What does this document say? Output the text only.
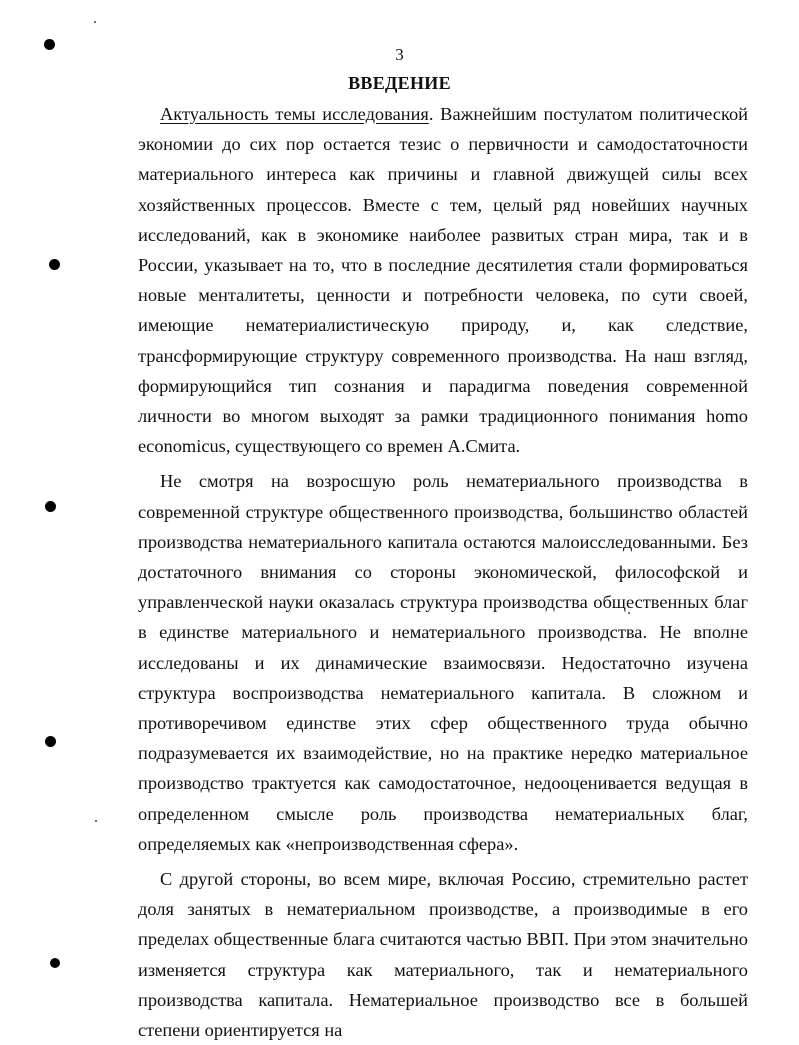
3
ВВЕДЕНИЕ

Актуальность темы исследования. Важнейшим постулатом политической экономии до сих пор остается тезис о первичности и самодостаточности материального интереса как причины и главной движущей силы всех хозяйственных процессов. Вместе с тем, целый ряд новейших научных исследований, как в экономике наиболее развитых стран мира, так и в России, указывает на то, что в последние десятилетия стали формироваться новые менталитеты, ценности и потребности человека, по сути своей, имеющие нематериалистическую природу, и, как следствие, трансформирующие структуру современного производства. На наш взгляд, формирующийся тип сознания и парадигма поведения современной личности во многом выходят за рамки традиционного понимания homo economicus, существующего со времен А.Смита.

Не смотря на возросшую роль нематериального производства в современной структуре общественного производства, большинство областей производства нематериального капитала остаются малоисследованными. Без достаточного внимания со стороны экономической, философской и управленческой науки оказалась структура производства общественных благ в единстве материального и нематериального производства. Не вполне исследованы и их динамические взаимосвязи. Недостаточно изучена структура воспроизводства нематериального капитала. В сложном и противоречивом единстве этих сфер общественного труда обычно подразумевается их взаимодействие, но на практике нередко материальное производство трактуется как самодостаточное, недооценивается ведущая в определенном смысле роль производства нематериальных благ, определяемых как «непроизводственная сфера».

С другой стороны, во всем мире, включая Россию, стремительно растет доля занятых в нематериальном производстве, а производимые в его пределах общественные блага считаются частью ВВП. При этом значительно изменяется структура как материального, так и нематериального производства капитала. Нематериальное производство все в большей степени ориентируется на
